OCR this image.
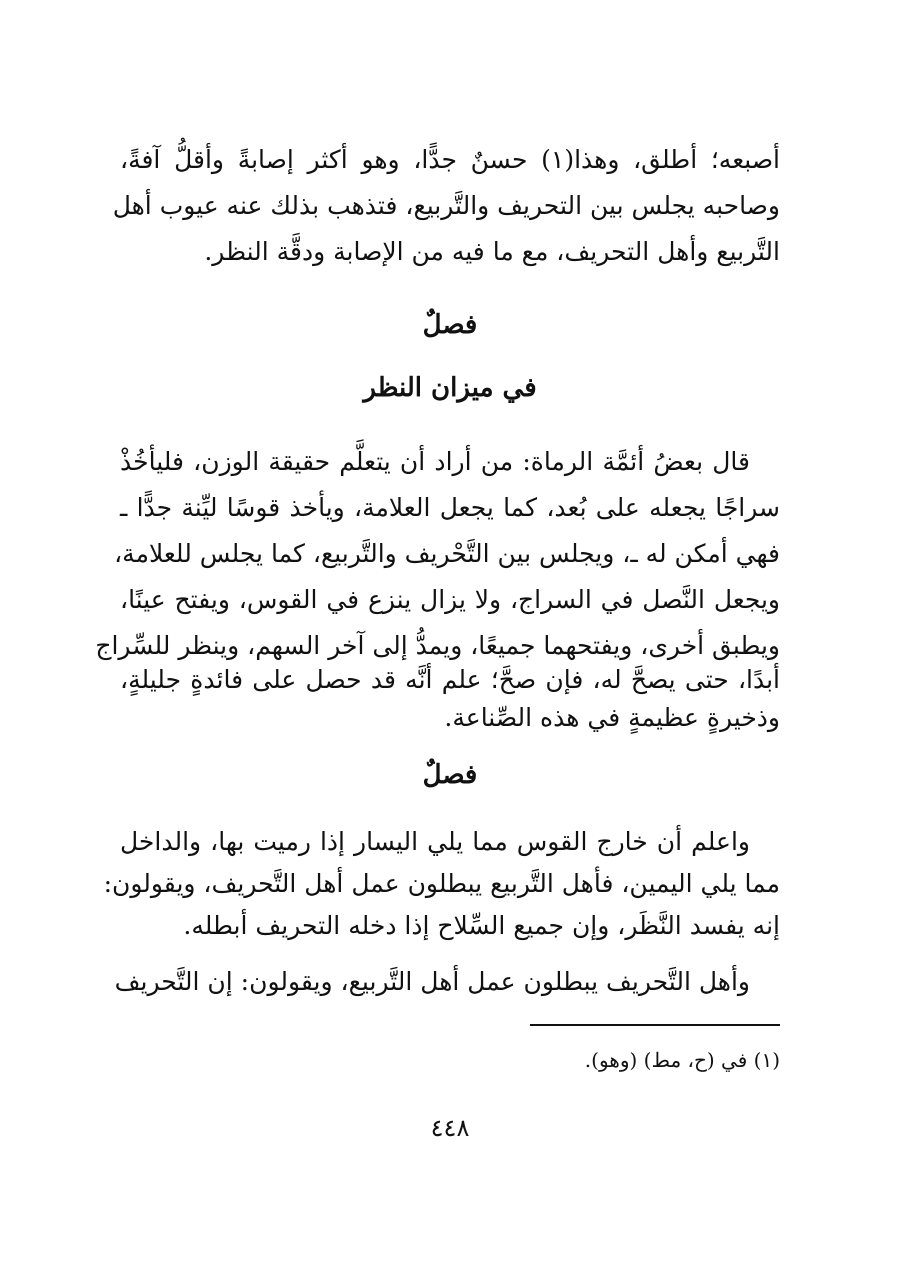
أصبعه؛ أطلق، وهذا(١) حسنٌ جدًّا، وهو أكثر إصابةً وأقلُّ آفةً،
وصاحبه يجلس بين التحريف والتَّربيع، فتذهب بذلك عنه عيوب أهل
التَّربيع وأهل التحريف، مع ما فيه من الإصابة ودقَّة النظر.
فصلٌ
في ميزان النظر
قال بعضُ أئمَّة الرماة: من أراد أن يتعلَّم حقيقة الوزن، فليأخُذْ
سراجًا يجعله على بُعد، كما يجعل العلامة، ويأخذ قوسًا ليِّنة جدًّا ـ
فهي أمكن له ـ، ويجلس بين التَّحْريف والتَّربيع، كما يجلس للعلامة،
ويجعل النَّصل في السراج، ولا يزال ينزع في القوس، ويفتح عينًا،
ويطبق أخرى، ويفتحهما جميعًا، ويمدُّ إلى آخر السهم، وينظر للسِّراج
أبدًا، حتى يصحَّ له، فإن صحَّ؛ علم أنَّه قد حصل على فائدةٍ جليلةٍ،
وذخيرةٍ عظيمةٍ في هذه الصِّناعة.
فصلٌ
واعلم أن خارج القوس مما يلي اليسار إذا رميت بها، والداخل
مما يلي اليمين، فأهل التَّربيع يبطلون عمل أهل التَّحريف، ويقولون:
إنه يفسد النَّظَر، وإن جميع السِّلاح إذا دخله التحريف أبطله.
وأهل التَّحريف يبطلون عمل أهل التَّربيع، ويقولون: إن التَّحريف
(١) في (ح، مط) (وهو).
٤٤٨
